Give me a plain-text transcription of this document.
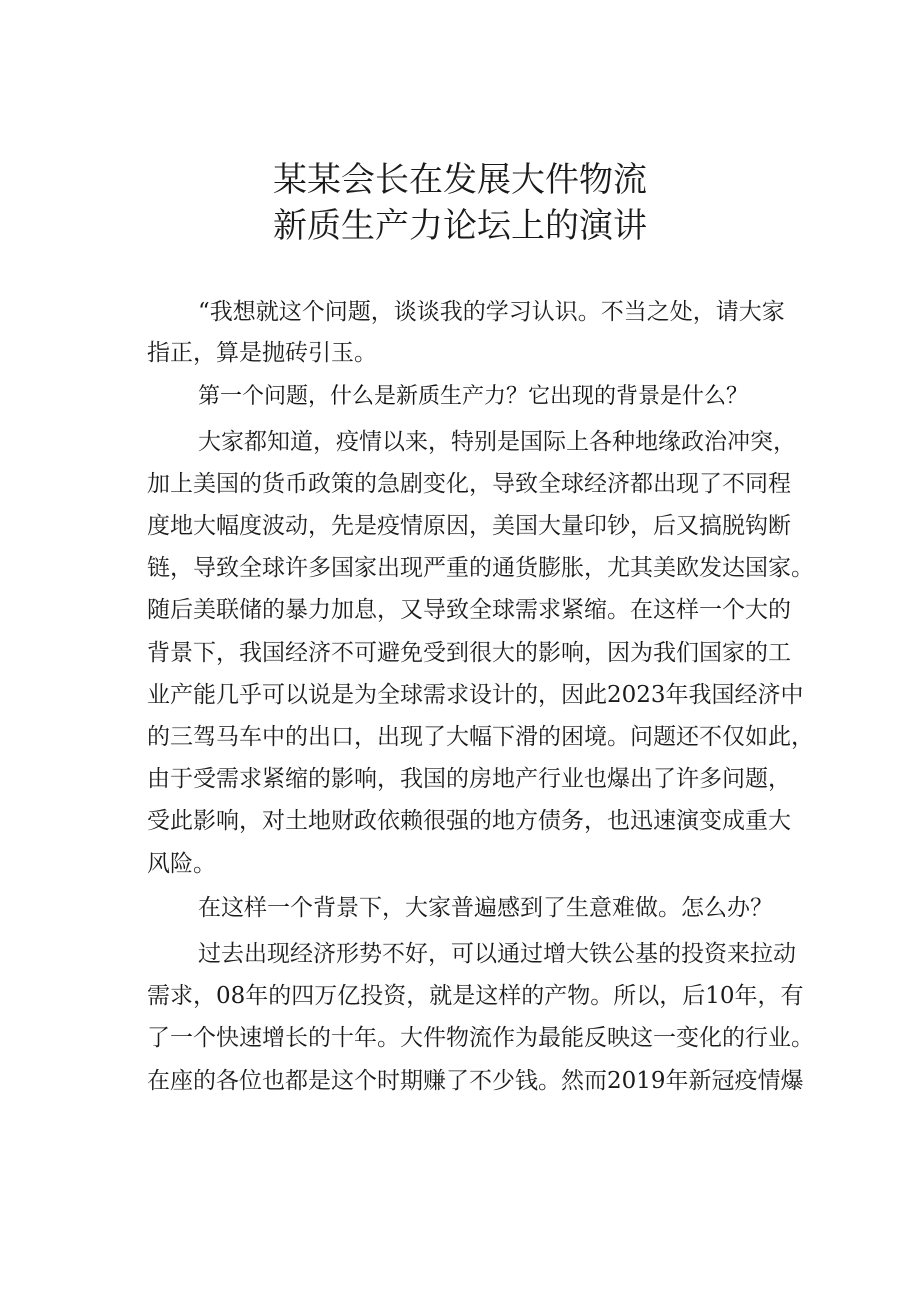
某某会长在发展大件物流
新质生产力论坛上的演讲
“我想就这个问题，谈谈我的学习认识。不当之处，请大家
指正，算是抛砖引玉。
第一个问题，什么是新质生产力？它出现的背景是什么？
大家都知道，疫情以来，特别是国际上各种地缘政治冲突，
加上美国的货币政策的急剧变化，导致全球经济都出现了不同程
度地大幅度波动，先是疫情原因，美国大量印钞，后又搞脱钩断
链，导致全球许多国家出现严重的通货膨胀，尤其美欧发达国家。
随后美联储的暴力加息，又导致全球需求紧缩。在这样一个大的
背景下，我国经济不可避免受到很大的影响，因为我们国家的工
业产能几乎可以说是为全球需求设计的，因此2023年我国经济中
的三驾马车中的出口，出现了大幅下滑的困境。问题还不仅如此，
由于受需求紧缩的影响，我国的房地产行业也爆出了许多问题，
受此影响，对土地财政依赖很强的地方债务，也迅速演变成重大
风险。
在这样一个背景下，大家普遍感到了生意难做。怎么办？
过去出现经济形势不好，可以通过增大铁公基的投资来拉动
需求，08年的四万亿投资，就是这样的产物。所以，后10年，有
了一个快速增长的十年。大件物流作为最能反映这一变化的行业。
在座的各位也都是这个时期赚了不少钱。然而2019年新冠疫情爆
